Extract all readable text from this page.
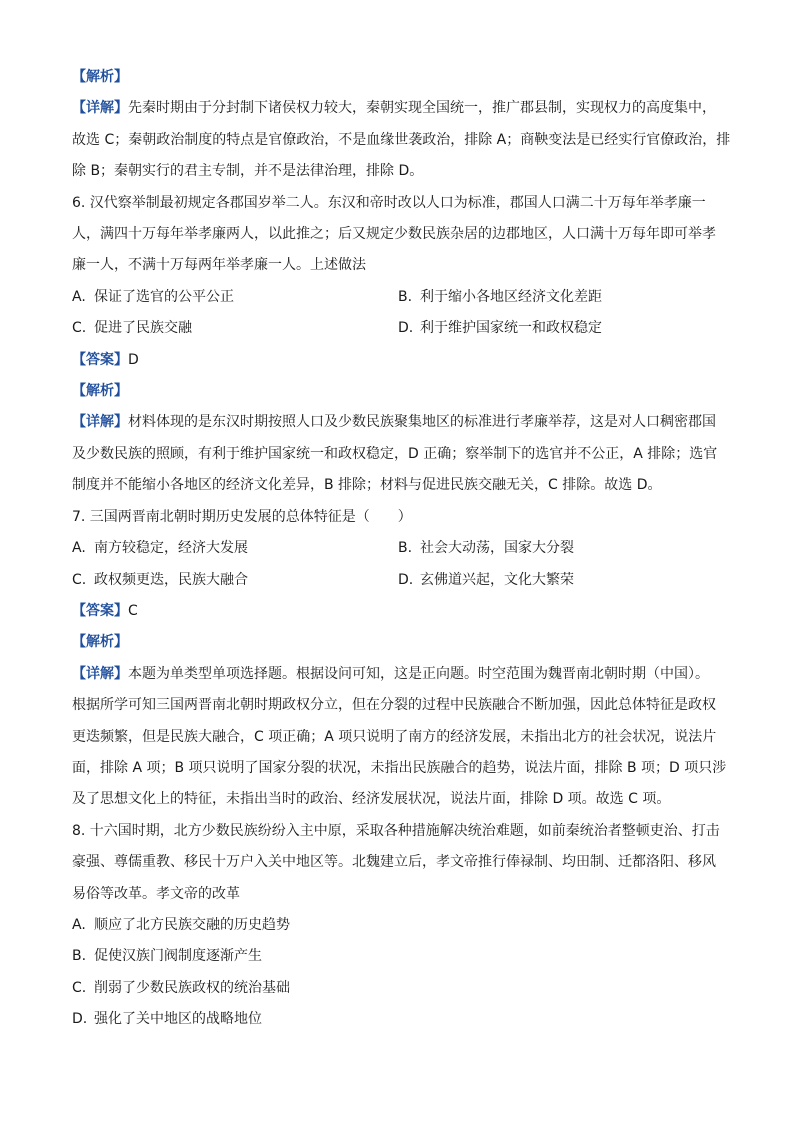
【解析】

【详解】先秦时期由于分封制下诸侯权力较大，秦朝实现全国统一，推广郡县制，实现权力的高度集中，

故选 C；秦朝政治制度的特点是官僚政治，不是血缘世袭政治，排除 A；商鞅变法是已经实行官僚政治，排

除 B；秦朝实行的君主专制，并不是法律治理，排除 D。

6. 汉代察举制最初规定各郡国岁举二人。东汉和帝时改以人口为标准，郡国人口满二十万每年举孝廉一

人，满四十万每年举孝廉两人，以此推之；后又规定少数民族杂居的边郡地区，人口满十万每年即可举孝

廉一人，不满十万每两年举孝廉一人。上述做法

A. 保证了选官的公平公正	B. 利于缩小各地区经济文化差距
C. 促进了民族交融	D. 利于维护国家统一和政权稳定

【答案】D

【解析】

【详解】材料体现的是东汉时期按照人口及少数民族聚集地区的标准进行孝廉举荐，这是对人口稠密郡国

及少数民族的照顾，有利于维护国家统一和政权稳定，D 正确；察举制下的选官并不公正，A 排除；选官

制度并不能缩小各地区的经济文化差异，B 排除；材料与促进民族交融无关，C 排除。故选 D。

7. 三国两晋南北朝时期历史发展的总体特征是（　　）

A. 南方较稳定，经济大发展	B. 社会大动荡，国家大分裂
C. 政权频更迭，民族大融合	D. 玄佛道兴起，文化大繁荣

【答案】C

【解析】

【详解】本题为单类型单项选择题。根据设问可知，这是正向题。时空范围为魏晋南北朝时期（中国）。

根据所学可知三国两晋南北朝时期政权分立，但在分裂的过程中民族融合不断加强，因此总体特征是政权

更迭频繁，但是民族大融合，C 项正确；A 项只说明了南方的经济发展，未指出北方的社会状况，说法片

面，排除 A 项；B 项只说明了国家分裂的状况，未指出民族融合的趋势，说法片面，排除 B 项；D 项只涉

及了思想文化上的特征，未指出当时的政治、经济发展状况，说法片面，排除 D 项。故选 C 项。

8. 十六国时期，北方少数民族纷纷入主中原，采取各种措施解决统治难题，如前秦统治者整顿吏治、打击

豪强、尊儒重教、移民十万户入关中地区等。北魏建立后，孝文帝推行俸禄制、均田制、迁都洛阳、移风

易俗等改革。孝文帝的改革

A. 顺应了北方民族交融的历史趋势
B. 促使汉族门阀制度逐渐产生
C. 削弱了少数民族政权的统治基础
D. 强化了关中地区的战略地位
